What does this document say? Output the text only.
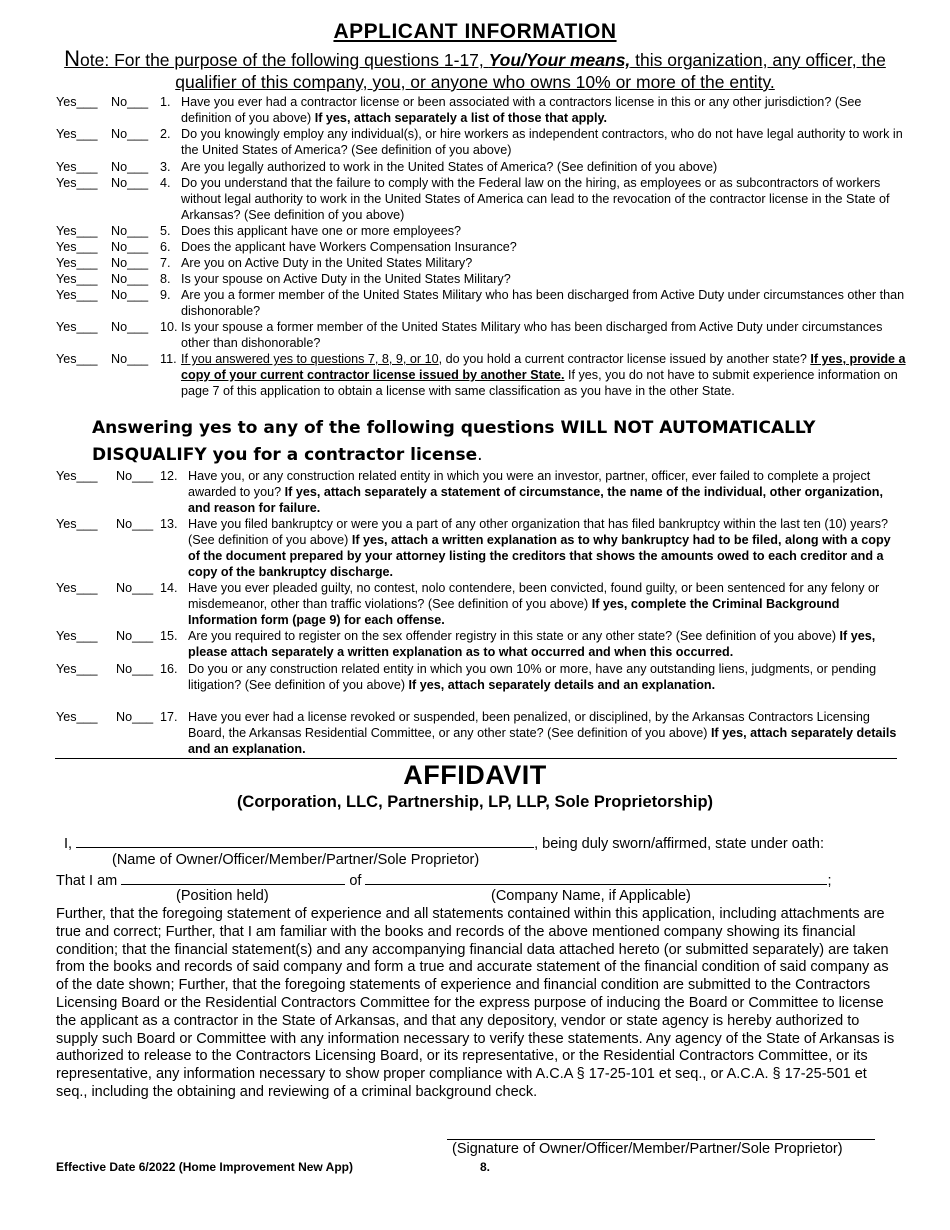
APPLICANT INFORMATION
Note: For the purpose of the following questions 1-17, You/Your means, this organization, any officer, the qualifier of this company, you, or anyone who owns 10% or more of the entity.
Yes___ No___ 1. Have you ever had a contractor license or been associated with a contractors license in this or any other jurisdiction? (See definition of you above) If yes, attach separately a list of those that apply.
Yes___ No___ 2. Do you knowingly employ any individual(s), or hire workers as independent contractors, who do not have legal authority to work in the United States of America? (See definition of you above)
Yes___ No___ 3. Are you legally authorized to work in the United States of America? (See definition of you above)
Yes___ No___ 4. Do you understand that the failure to comply with the Federal law on the hiring, as employees or as subcontractors of workers without legal authority to work in the United States of America can lead to the revocation of the contractor license in the State of Arkansas? (See definition of you above)
Yes___ No___ 5. Does this applicant have one or more employees?
Yes___ No___ 6. Does the applicant have Workers Compensation Insurance?
Yes___ No___ 7. Are you on Active Duty in the United States Military?
Yes___ No___ 8. Is your spouse on Active Duty in the United States Military?
Yes___ No___ 9. Are you a former member of the United States Military who has been discharged from Active Duty under circumstances other than dishonorable?
Yes___ No___ 10. Is your spouse a former member of the United States Military who has been discharged from Active Duty under circumstances other than dishonorable?
Yes___ No___ 11. If you answered yes to questions 7, 8, 9, or 10, do you hold a current contractor license issued by another state? If yes, provide a copy of your current contractor license issued by another State. If yes, you do not have to submit experience information on page 7 of this application to obtain a license with same classification as you have in the other State.
Answering yes to any of the following questions WILL NOT AUTOMATICALLY
DISQUALIFY you for a contractor license.
Yes___ No___ 12. Have you, or any construction related entity in which you were an investor, partner, officer, ever failed to complete a project awarded to you? If yes, attach separately a statement of circumstance, the name of the individual, other organization, and reason for failure.
Yes___ No___ 13. Have you filed bankruptcy or were you a part of any other organization that has filed bankruptcy within the last ten (10) years? (See definition of you above) If yes, attach a written explanation as to why bankruptcy had to be filed, along with a copy of the document prepared by your attorney listing the creditors that shows the amounts owed to each creditor and a copy of the bankruptcy discharge.
Yes___ No___ 14. Have you ever pleaded guilty, no contest, nolo contendere, been convicted, found guilty, or been sentenced for any felony or misdemeanor, other than traffic violations? (See definition of you above) If yes, complete the Criminal Background Information form (page 9) for each offense.
Yes___ No___ 15. Are you required to register on the sex offender registry in this state or any other state? (See definition of you above) If yes, please attach separately a written explanation as to what occurred and when this occurred.
Yes___ No___ 16. Do you or any construction related entity in which you own 10% or more, have any outstanding liens, judgments, or pending litigation? (See definition of you above) If yes, attach separately details and an explanation.
Yes___ No___ 17. Have you ever had a license revoked or suspended, been penalized, or disciplined, by the Arkansas Contractors Licensing Board, the Arkansas Residential Committee, or any other state? (See definition of you above) If yes, attach separately details and an explanation.
AFFIDAVIT
(Corporation, LLC, Partnership, LP, LLP, Sole Proprietorship)
I,	, being duly sworn/affirmed, state under oath:
(Name of Owner/Officer/Member/Partner/Sole Proprietor)
That I am	of	;
(Position held)	(Company Name, if Applicable)
Further, that the foregoing statement of experience and all statements contained within this application, including attachments are true and correct; Further, that I am familiar with the books and records of the above mentioned company showing its financial condition; that the financial statement(s) and any accompanying financial data attached hereto (or submitted separately) are taken from the books and records of said company and form a true and accurate statement of the financial condition of said company as of the date shown; Further, that the foregoing statements of experience and financial condition are submitted to the Contractors Licensing Board or the Residential Contractors Committee for the express purpose of inducing the Board or Committee to license the applicant as a contractor in the State of Arkansas, and that any depository, vendor or state agency is hereby authorized to supply such Board or Committee with any information necessary to verify these statements. Any agency of the State of Arkansas is authorized to release to the Contractors Licensing Board, or its representative, or the Residential Contractors Committee, or its representative, any information necessary to show proper compliance with A.C.A § 17-25-101 et seq., or A.C.A. § 17-25-501 et seq., including the obtaining and reviewing of a criminal background check.
(Signature of Owner/Officer/Member/Partner/Sole Proprietor)
Effective Date 6/2022 (Home Improvement New App)	8.
